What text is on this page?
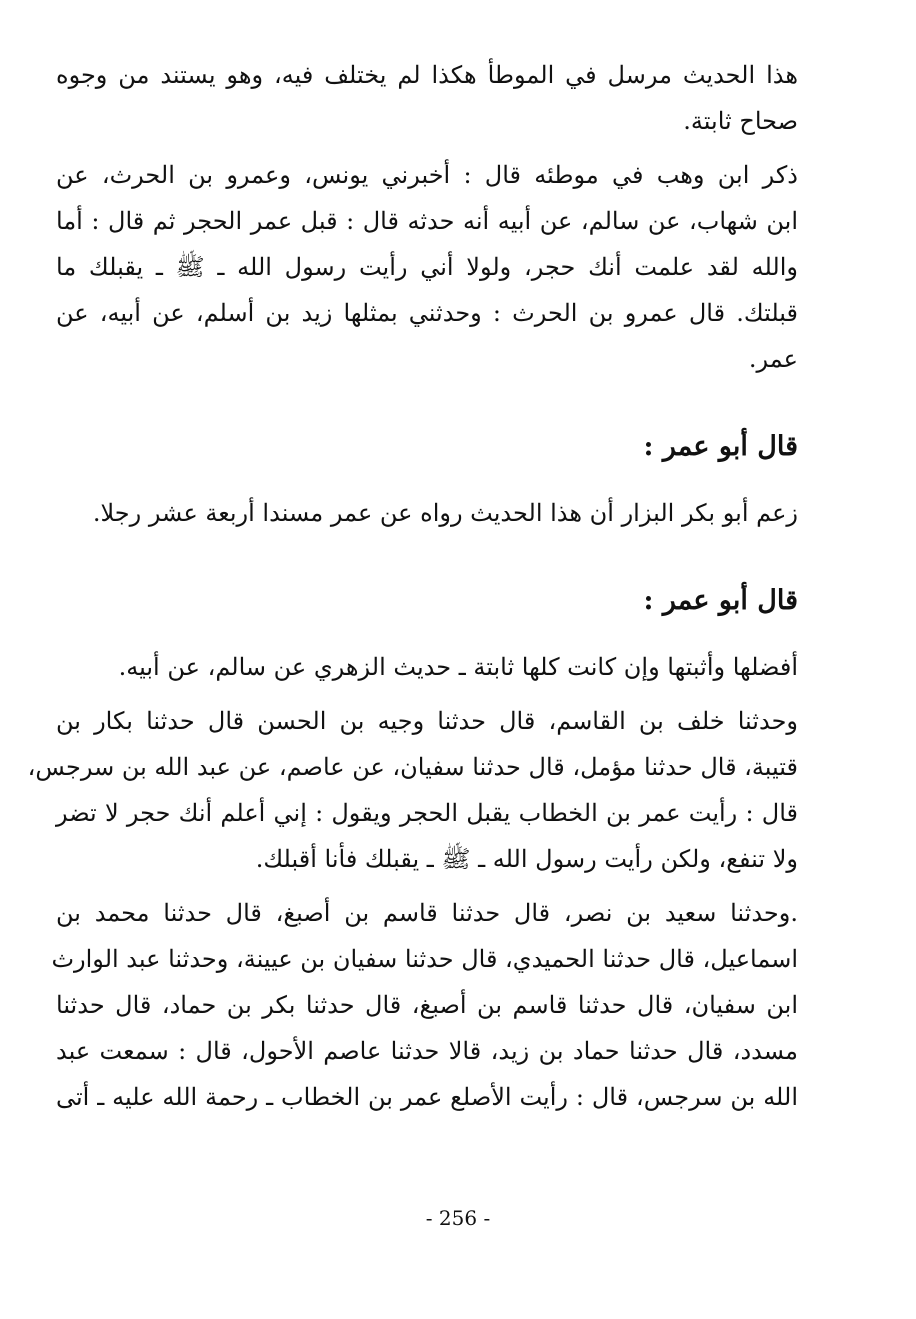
هذا الحديث مرسل في الموطأ هكذا لم يختلف فيه، وهو يستند من وجوه
صحاح ثابتة.
ذكر ابن وهب في موطئه قال : أخبرني يونس، وعمرو بن الحرث، عن
ابن شهاب، عن سالم، عن أبيه أنه حدثه قال : قبل عمر الحجر ثم قال : أما
والله لقد علمت أنك حجر، ولولا أني رأيت رسول الله ـ ﷺ ـ يقبلك ما
قبلتك. قال عمرو بن الحرث : وحدثني بمثلها زيد بن أسلم، عن أبيه، عن
عمر.
قال أبو عمر :
زعم أبو بكر البزار أن هذا الحديث رواه عن عمر مسندا أربعة عشر رجلا.
قال أبو عمر :
أفضلها وأثبتها وإن كانت كلها ثابتة ـ حديث الزهري عن سالم، عن أبيه.
وحدثنا خلف بن القاسم، قال حدثنا وجيه بن الحسن قال حدثنا بكار بن
قتيبة، قال حدثنا مؤمل، قال حدثنا سفيان، عن عاصم، عن عبد الله بن سرجس،
قال : رأيت عمر بن الخطاب يقبل الحجر ويقول : إني أعلم أنك حجر لا تضر
ولا تنفع، ولكن رأيت رسول الله ـ ﷺ ـ يقبلك فأنا أقبلك.
.وحدثنا سعيد بن نصر، قال حدثنا قاسم بن أصبغ، قال حدثنا محمد بن
اسماعيل، قال حدثنا الحميدي، قال حدثنا سفيان بن عيينة، وحدثنا عبد الوارث
ابن سفيان، قال حدثنا قاسم بن أصبغ، قال حدثنا بكر بن حماد، قال حدثنا
مسدد، قال حدثنا حماد بن زيد، قالا حدثنا عاصم الأحول، قال : سمعت عبد
الله بن سرجس، قال : رأيت الأصلع عمر بن الخطاب ـ رحمة الله عليه ـ أتى
- 256 -
